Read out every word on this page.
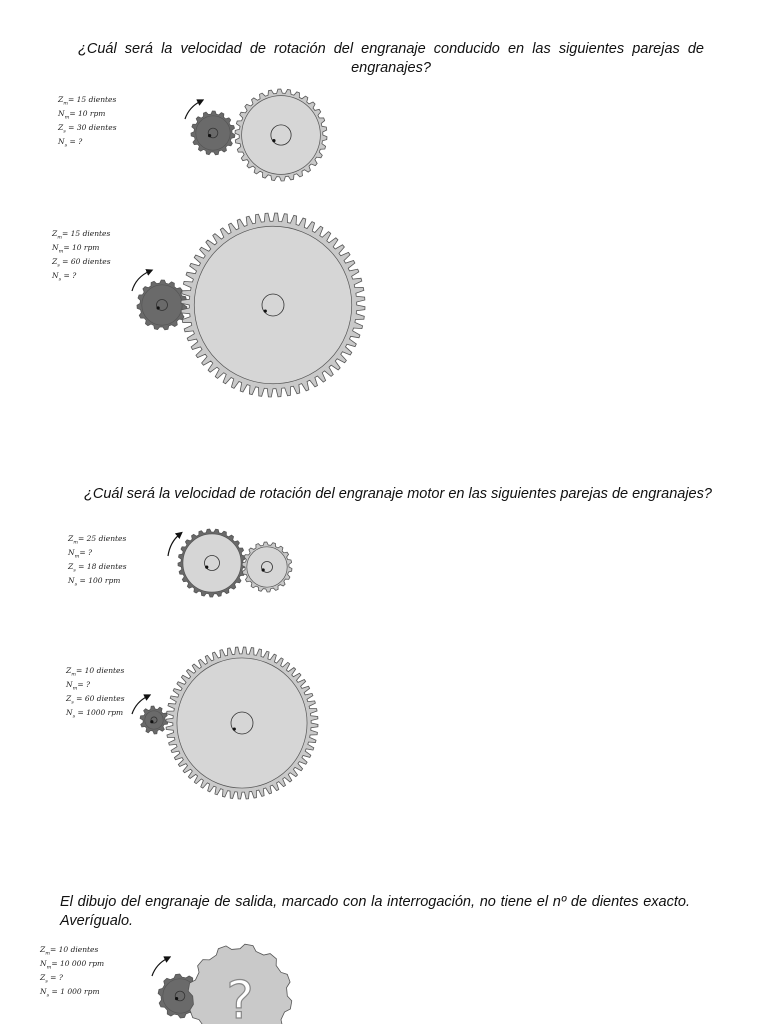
¿Cuál será la velocidad de rotación del engranaje conducido en las siguientes parejas de engranajes?
$Z_m= 15$ dientes
$N_m= 10$ rpm
$Z_s = 30$ dientes
$N_s$ = ?
$Z_m= 15$ dientes
$N_m= 10$ rpm
$Z_s = 60$ dientes
$N_s$ = ?
¿Cuál será la velocidad de rotación del engranaje motor en las siguientes parejas de engranajes?
$Z_m= 25$ dientes
$N_m=$ ?
$Z_s = 18$ dientes
$N_s = 100$ rpm
$Z_m= 10$ dientes
$N_m=$ ?
$Z_s = 60$ dientes
$N_s = 1000$ rpm
El dibujo del engranaje de salida, marcado con la interrogación, no tiene el nº de dientes exacto. Averígualo.
$Z_m= 10$ dientes
$N_m= 10$ 000 rpm
$Z_s$ = ?
$N_s = 1$ 000 rpm ?
